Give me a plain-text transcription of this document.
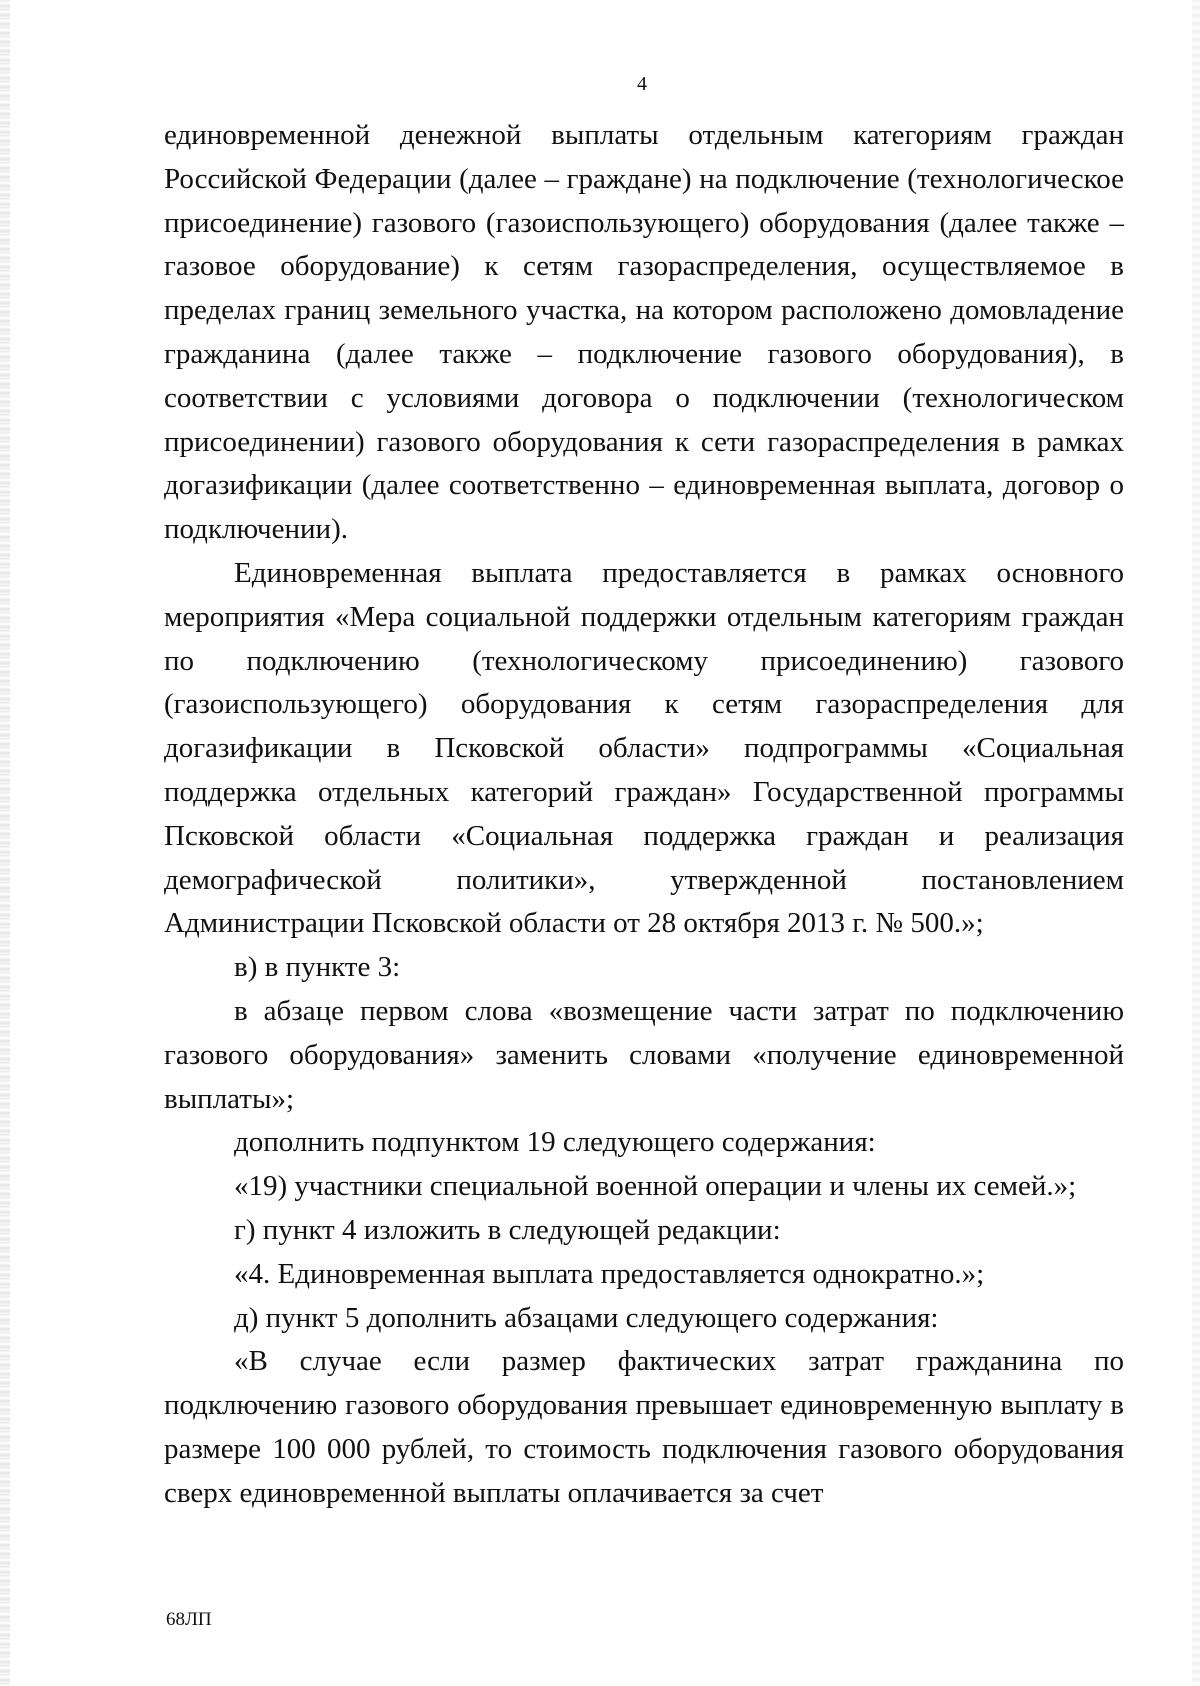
4

единовременной денежной выплаты отдельным категориям граждан Российской Федерации (далее – граждане) на подключение (технологическое присоединение) газового (газоиспользующего) оборудования (далее также – газовое оборудование) к сетям газораспределения, осуществляемое в пределах границ земельного участка, на котором расположено домовладение гражданина (далее также – подключение газового оборудования), в соответствии с условиями договора о подключении (технологическом присоединении) газового оборудования к сети газораспределения в рамках догазификации (далее соответственно – единовременная выплата, договор о подключении).

Единовременная выплата предоставляется в рамках основного мероприятия «Мера социальной поддержки отдельным категориям граждан по подключению (технологическому присоединению) газового (газоиспользующего) оборудования к сетям газораспределения для догазификации в Псковской области» подпрограммы «Социальная поддержка отдельных категорий граждан» Государственной программы Псковской области «Социальная поддержка граждан и реализация демографической политики», утвержденной постановлением Администрации Псковской области от 28 октября 2013 г. № 500.»;

в) в пункте 3:

в абзаце первом слова «возмещение части затрат по подключению газового оборудования» заменить словами «получение единовременной выплаты»;

дополнить подпунктом 19 следующего содержания:

«19) участники специальной военной операции и члены их семей.»;

г) пункт 4 изложить в следующей редакции:

«4. Единовременная выплата предоставляется однократно.»;

д) пункт 5 дополнить абзацами следующего содержания:

«В случае если размер фактических затрат гражданина по подключению газового оборудования превышает единовременную выплату в размере 100 000 рублей, то стоимость подключения газового оборудования сверх единовременной выплаты оплачивается за счет

68ЛП
